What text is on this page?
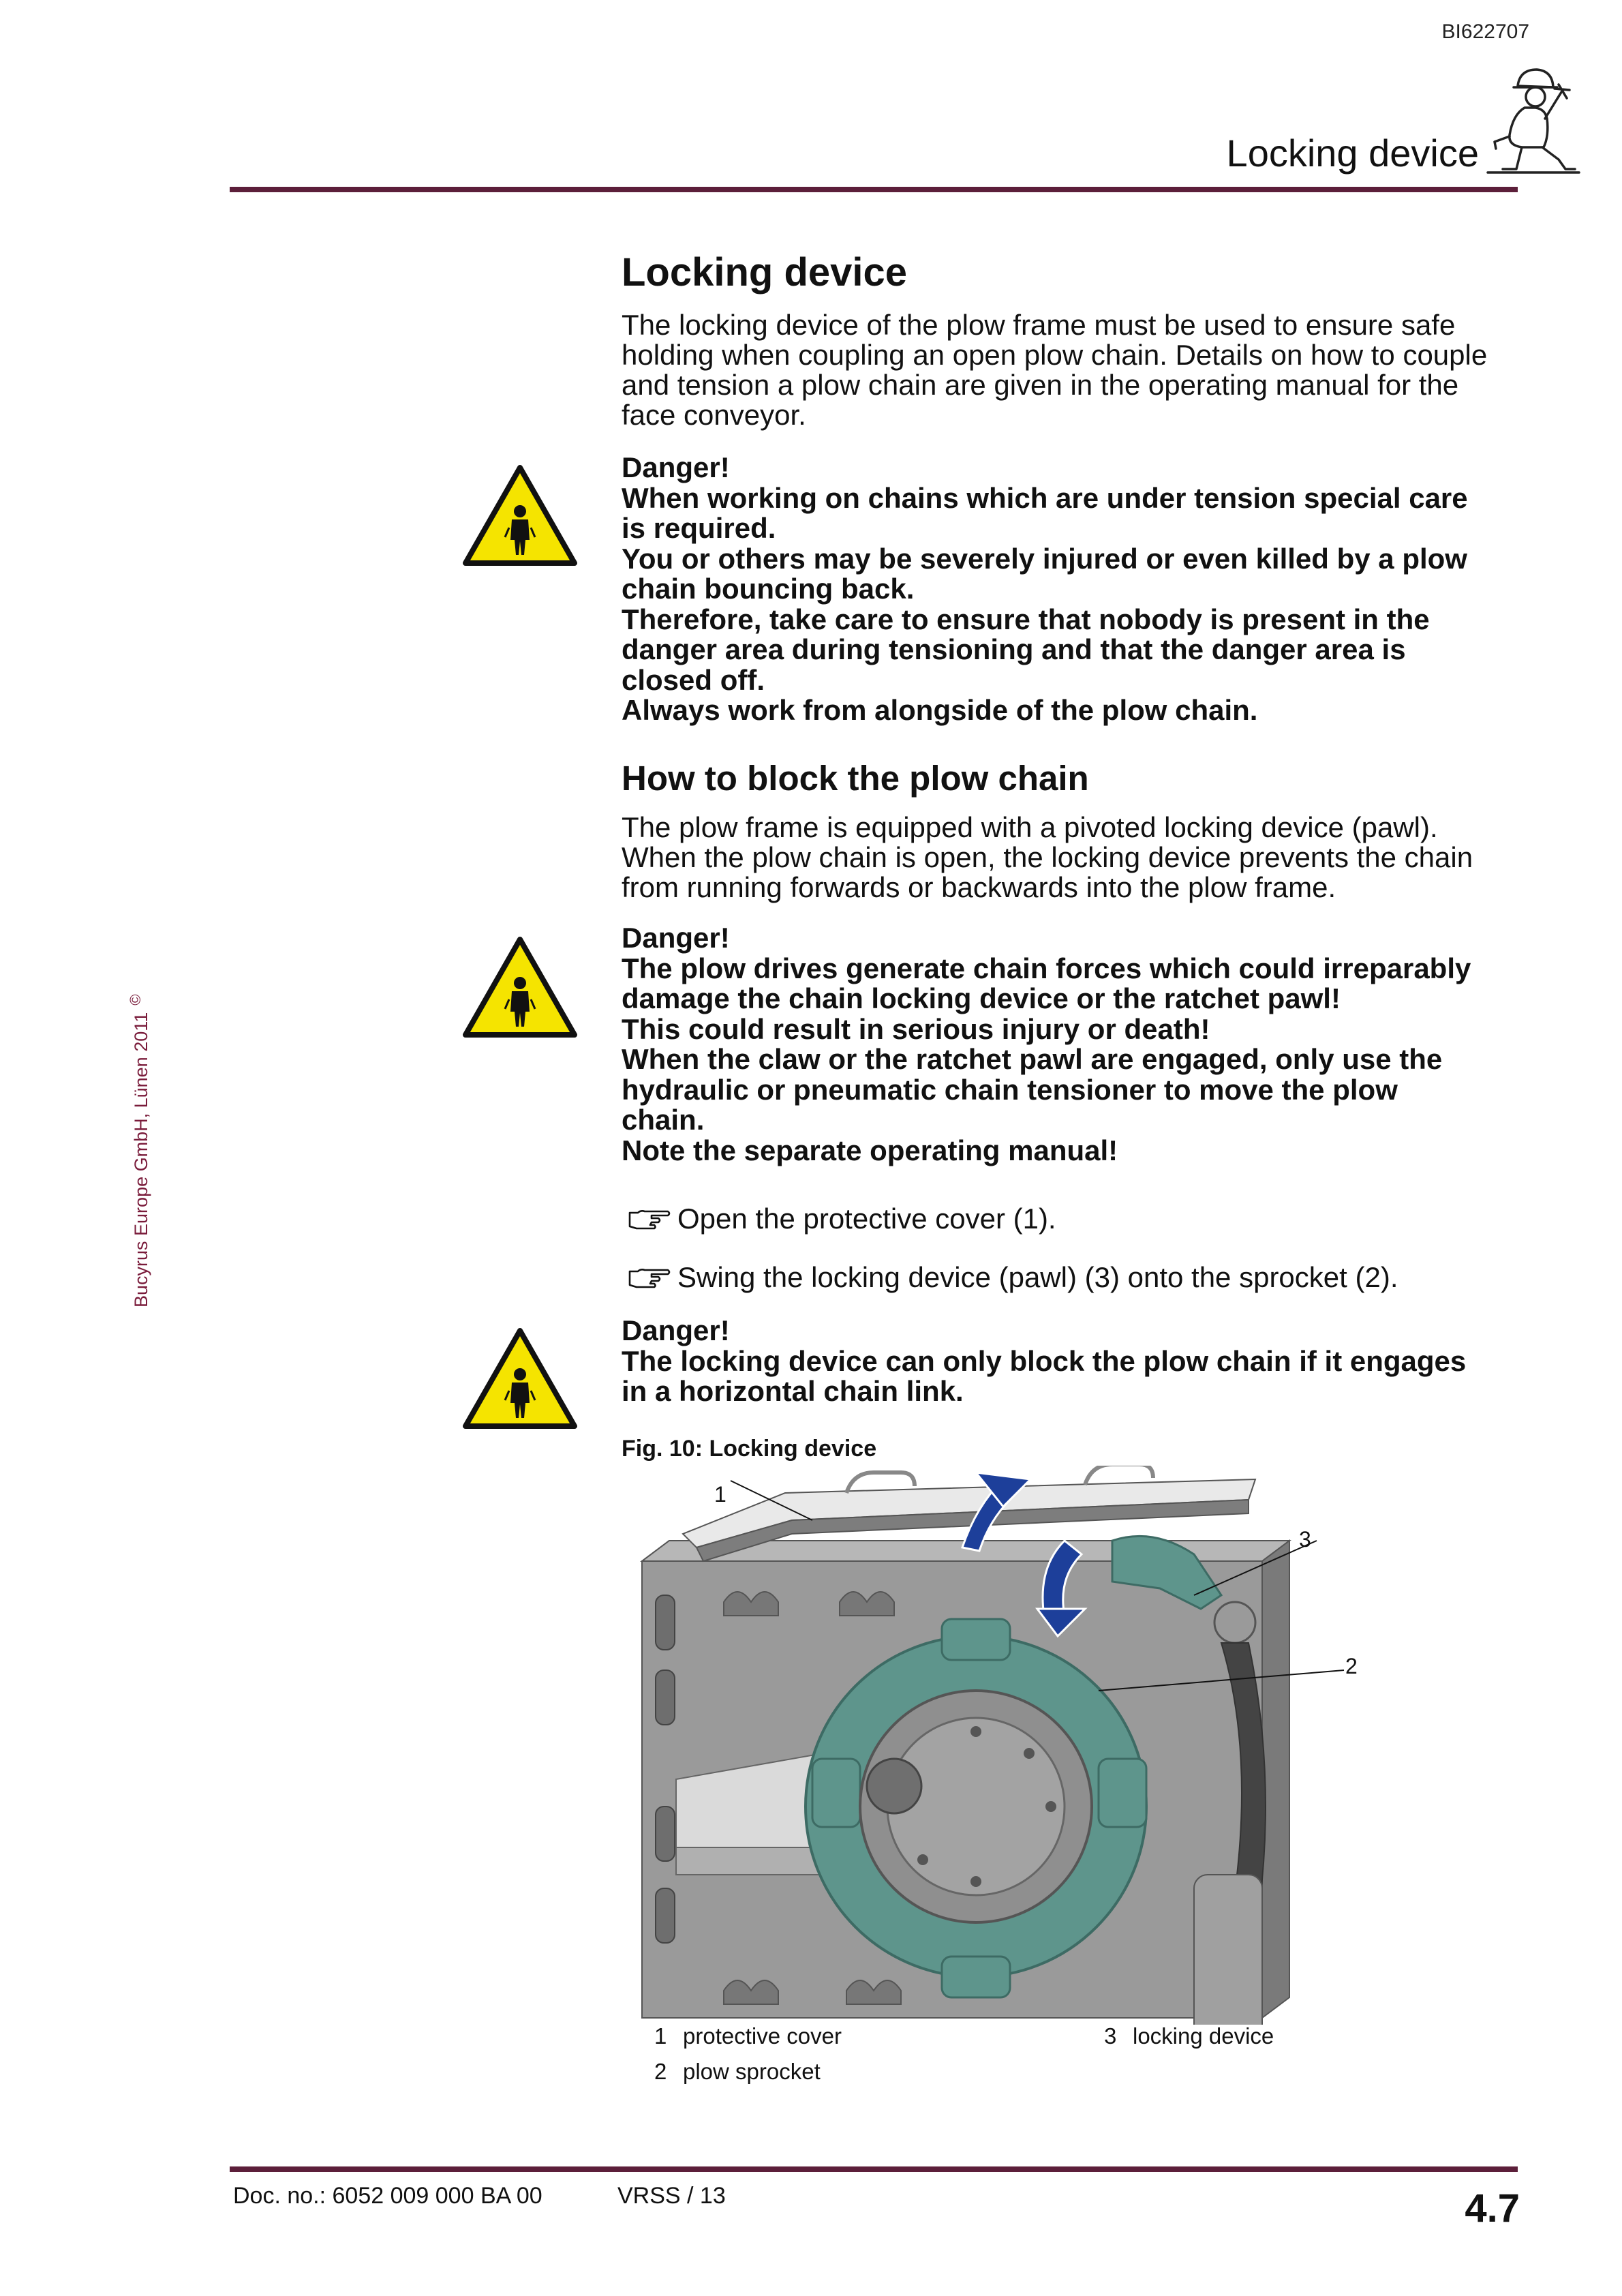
BI622707
Locking device
Bucyrus Europe GmbH, Lünen 2011©
Locking device

The locking device of the plow frame must be used to ensure safe holding when coupling an open plow chain. Details on how to couple and tension a plow chain are given in the operating manual for the face conveyor.

Danger!
When working on chains which are under tension special care
is required.
You or others may be severely injured or even killed by a plow
chain bouncing back.
Therefore, take care to ensure that nobody is present in the
danger area during tensioning and that the danger area is
closed off.
Always work from alongside of the plow chain.
How to block the plow chain

The plow frame is equipped with a pivoted locking device (pawl). When the plow chain is open, the locking device prevents the chain from running forwards or backwards into the plow frame.

Danger!
The plow drives generate chain forces which could irreparably
damage the chain locking device or the ratchet pawl!
This could result in serious injury or death!
When the claw or the ratchet pawl are engaged, only use the
hydraulic or pneumatic chain tensioner to move the plow
chain.
Note the separate operating manual!
Open the protective cover (1).
Swing the locking device (pawl) (3) onto the sprocket (2).
Danger!
The locking device can only block the plow chain if it engages
in a horizontal chain link.
Fig. 10: Locking device
1
3
2
1 protective cover
2 plow sprocket
3 locking device
Doc. no.: 6052 009 000 BA 00	VRSS / 13	4.7
